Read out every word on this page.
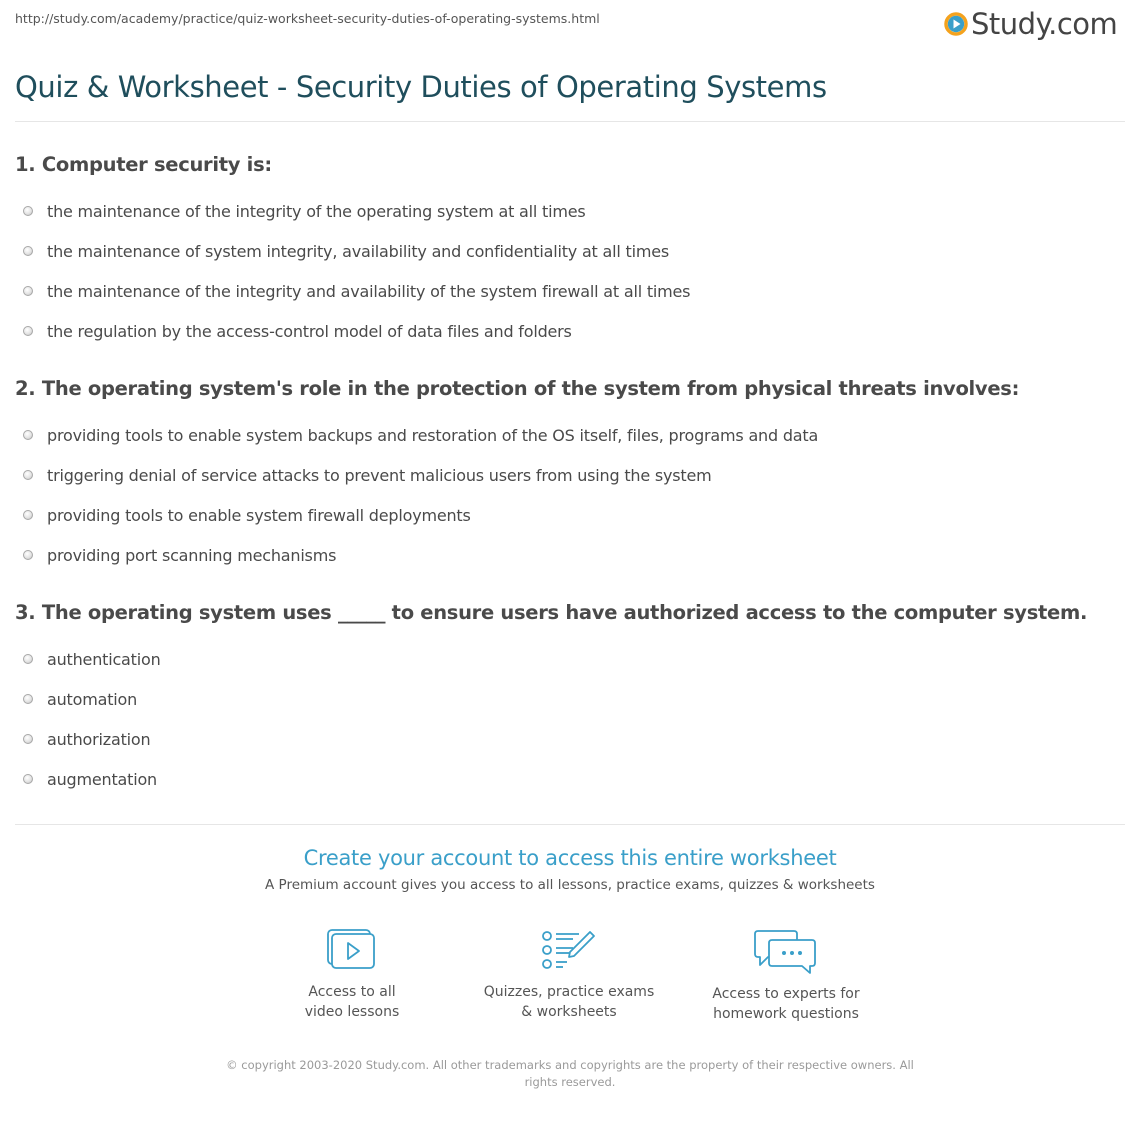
http://study.com/academy/practice/quiz-worksheet-security-duties-of-operating-systems.html	Study.com
Quiz & Worksheet - Security Duties of Operating Systems
1. Computer security is:
the maintenance of the integrity of the operating system at all times
the maintenance of system integrity, availability and confidentiality at all times
the maintenance of the integrity and availability of the system firewall at all times
the regulation by the access-control model of data files and folders
2. The operating system's role in the protection of the system from physical threats involves:
providing tools to enable system backups and restoration of the OS itself, files, programs and data
triggering denial of service attacks to prevent malicious users from using the system
providing tools to enable system firewall deployments
providing port scanning mechanisms
3. The operating system uses _____ to ensure users have authorized access to the computer system.
authentication
automation
authorization
augmentation
Create your account to access this entire worksheet
A Premium account gives you access to all lessons, practice exams, quizzes & worksheets
Access to all
video lessons
Quizzes, practice exams
& worksheets
Access to experts for
homework questions
© copyright 2003-2020 Study.com. All other trademarks and copyrights are the property of their respective owners. All rights reserved.
